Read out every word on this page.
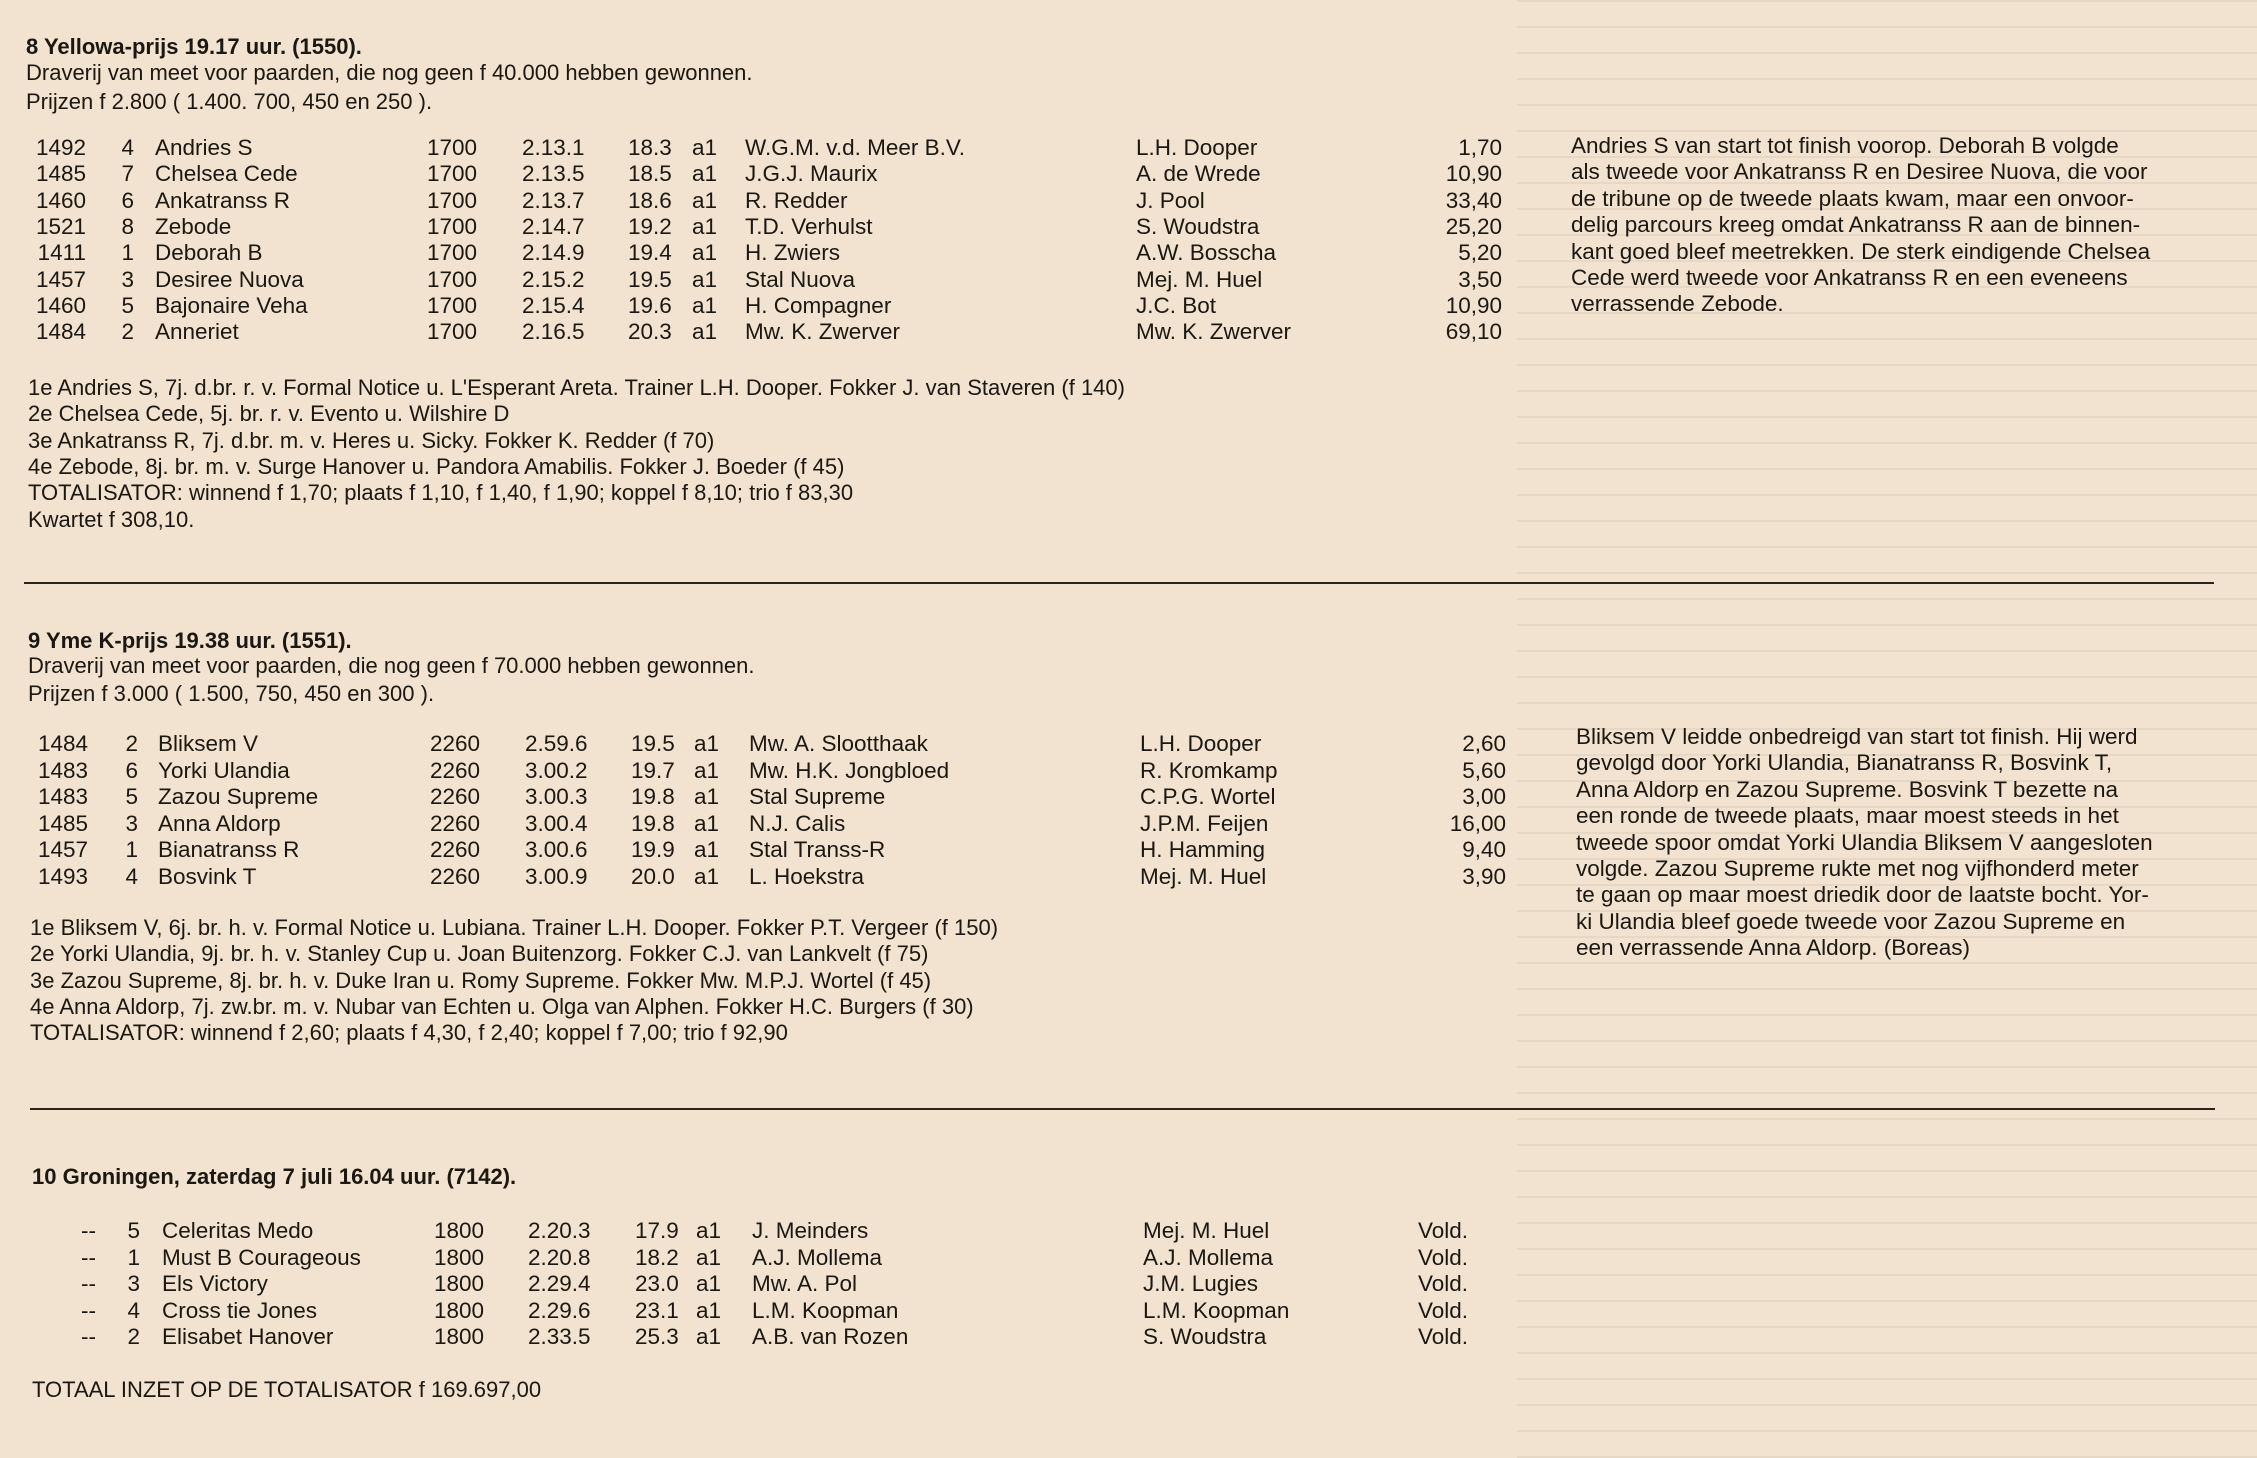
8 Yellowa-prijs 19.17 uur. (1550).
Draverij van meet voor paarden, die nog geen f 40.000 hebben gewonnen.
Prijzen f 2.800 ( 1.400. 700, 450 en 250 ).
1492 4 Andries S	1700 2.13.1 18.3 a1 W.G.M. v.d. Meer B.V.	L.H. Dooper	1,70
1485 7 Chelsea Cede	1700 2.13.5 18.5 a1 J.G.J. Maurix	A. de Wrede	10,90
1460 6 Ankatranss R	1700 2.13.7 18.6 a1 R. Redder	J. Pool	33,40
1521 8 Zebode	1700 2.14.7 19.2 a1 T.D. Verhulst	S. Woudstra	25,20
1411 1 Deborah B	1700 2.14.9 19.4 a1 H. Zwiers	A.W. Bosscha	5,20
1457 3 Desiree Nuova	1700 2.15.2 19.5 a1 Stal Nuova	Mej. M. Huel	3,50
1460 5 Bajonaire Veha	1700 2.15.4 19.6 a1 H. Compagner	J.C. Bot	10,90
1484 2 Anneriet	1700 2.16.5 20.3 a1 Mw. K. Zwerver	Mw. K. Zwerver	69,10
Andries S van start tot finish voorop. Deborah B volgde
als tweede voor Ankatranss R en Desiree Nuova, die voor
de tribune op de tweede plaats kwam, maar een onvoor-
delig parcours kreeg omdat Ankatranss R aan de binnen-
kant goed bleef meetrekken. De sterk eindigende Chelsea
Cede werd tweede voor Ankatranss R en een eveneens
verrassende Zebode.
1e Andries S, 7j. d.br. r. v. Formal Notice u. L'Esperant Areta. Trainer L.H. Dooper. Fokker J. van Staveren (f 140)
2e Chelsea Cede, 5j. br. r. v. Evento u. Wilshire D
3e Ankatranss R, 7j. d.br. m. v. Heres u. Sicky. Fokker K. Redder (f 70)
4e Zebode, 8j. br. m. v. Surge Hanover u. Pandora Amabilis. Fokker J. Boeder (f 45)
TOTALISATOR: winnend f 1,70; plaats f 1,10, f 1,40, f 1,90; koppel f 8,10; trio f 83,30
Kwartet f 308,10.
9 Yme K-prijs 19.38 uur. (1551).
Draverij van meet voor paarden, die nog geen f 70.000 hebben gewonnen.
Prijzen f 3.000 ( 1.500, 750, 450 en 300 ).
1484 2 Bliksem V	2260 2.59.6 19.5 a1 Mw. A. Slootthaak	L.H. Dooper	2,60
1483 6 Yorki Ulandia	2260 3.00.2 19.7 a1 Mw. H.K. Jongbloed	R. Kromkamp	5,60
1483 5 Zazou Supreme	2260 3.00.3 19.8 a1 Stal Supreme	C.P.G. Wortel	3,00
1485 3 Anna Aldorp	2260 3.00.4 19.8 a1 N.J. Calis	J.P.M. Feijen	16,00
1457 1 Bianatranss R	2260 3.00.6 19.9 a1 Stal Transs-R	H. Hamming	9,40
1493 4 Bosvink T	2260 3.00.9 20.0 a1 L. Hoekstra	Mej. M. Huel	3,90
Bliksem V leidde onbedreigd van start tot finish. Hij werd
gevolgd door Yorki Ulandia, Bianatranss R, Bosvink T,
Anna Aldorp en Zazou Supreme. Bosvink T bezette na
een ronde de tweede plaats, maar moest steeds in het
tweede spoor omdat Yorki Ulandia Bliksem V aangesloten
volgde. Zazou Supreme rukte met nog vijfhonderd meter
te gaan op maar moest driedik door de laatste bocht. Yor-
ki Ulandia bleef goede tweede voor Zazou Supreme en
een verrassende Anna Aldorp. (Boreas)
1e Bliksem V, 6j. br. h. v. Formal Notice u. Lubiana. Trainer L.H. Dooper. Fokker P.T. Vergeer (f 150)
2e Yorki Ulandia, 9j. br. h. v. Stanley Cup u. Joan Buitenzorg. Fokker C.J. van Lankvelt (f 75)
3e Zazou Supreme, 8j. br. h. v. Duke Iran u. Romy Supreme. Fokker Mw. M.P.J. Wortel (f 45)
4e Anna Aldorp, 7j. zw.br. m. v. Nubar van Echten u. Olga van Alphen. Fokker H.C. Burgers (f 30)
TOTALISATOR: winnend f 2,60; plaats f 4,30, f 2,40; koppel f 7,00; trio f 92,90
10 Groningen, zaterdag 7 juli 16.04 uur. (7142).
-- 5 Celeritas Medo	1800 2.20.3 17.9 a1 J. Meinders	Mej. M. Huel	Vold.
-- 1 Must B Courageous	1800 2.20.8 18.2 a1 A.J. Mollema	A.J. Mollema	Vold.
-- 3 Els Victory	1800 2.29.4 23.0 a1 Mw. A. Pol	J.M. Lugies	Vold.
-- 4 Cross tie Jones	1800 2.29.6 23.1 a1 L.M. Koopman	L.M. Koopman	Vold.
-- 2 Elisabet Hanover	1800 2.33.5 25.3 a1 A.B. van Rozen	S. Woudstra	Vold.
TOTAAL INZET OP DE TOTALISATOR f 169.697,00
